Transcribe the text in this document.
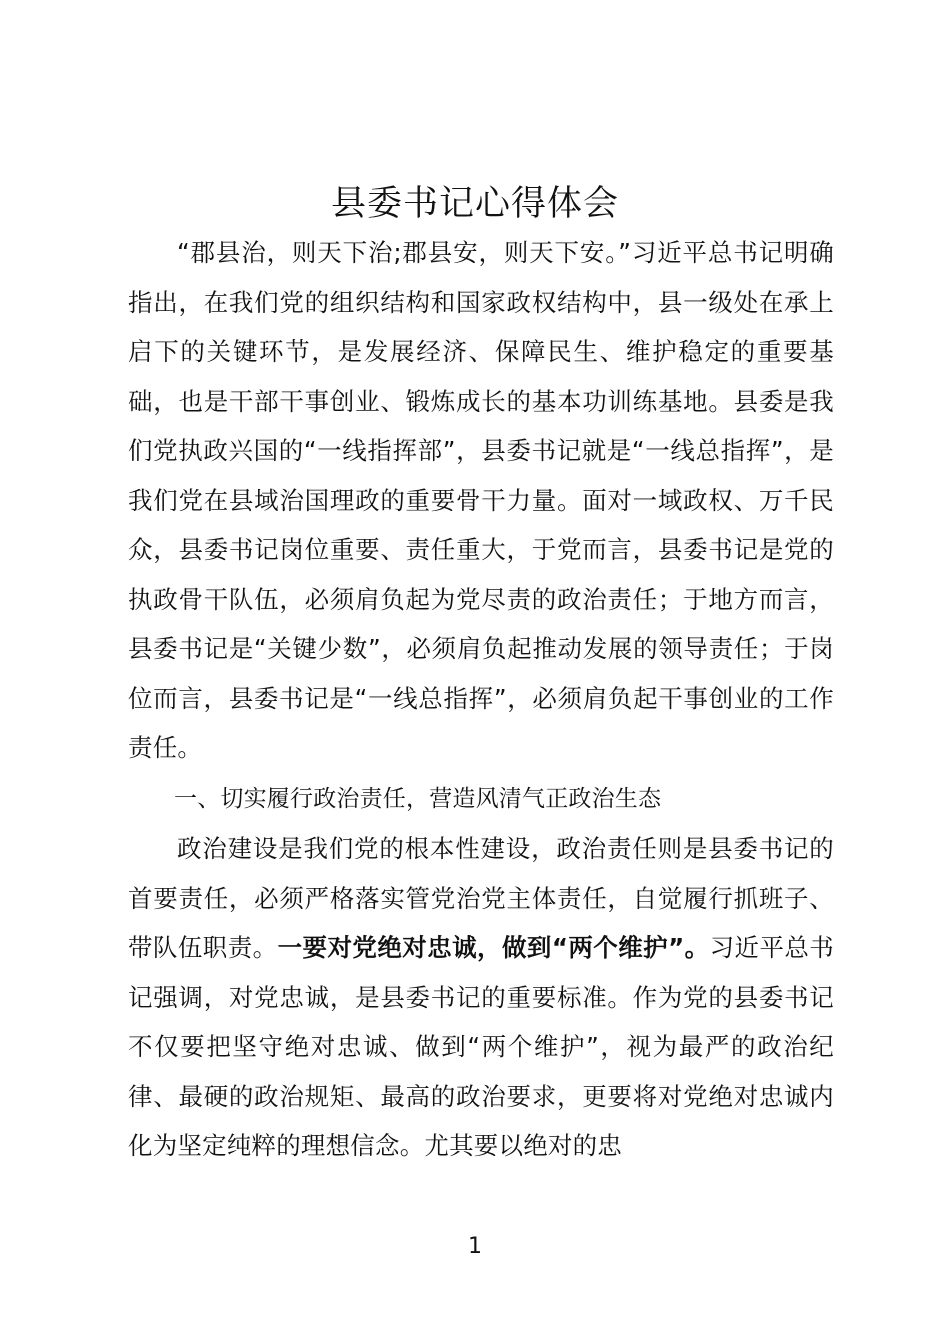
县委书记心得体会

“郡县治，则天下治;郡县安，则天下安。”习近平总书记明确指出，在我们党的组织结构和国家政权结构中，县一级处在承上启下的关键环节，是发展经济、保障民生、维护稳定的重要基础，也是干部干事创业、锻炼成长的基本功训练基地。县委是我们党执政兴国的“一线指挥部”，县委书记就是“一线总指挥”，是我们党在县域治国理政的重要骨干力量。面对一域政权、万千民众，县委书记岗位重要、责任重大，于党而言，县委书记是党的执政骨干队伍，必须肩负起为党尽责的政治责任；于地方而言，县委书记是“关键少数”，必须肩负起推动发展的领导责任；于岗位而言，县委书记是“一线总指挥”，必须肩负起干事创业的工作责任。

一、切实履行政治责任，营造风清气正政治生态

政治建设是我们党的根本性建设，政治责任则是县委书记的首要责任，必须严格落实管党治党主体责任，自觉履行抓班子、带队伍职责。一要对党绝对忠诚，做到“两个维护”。习近平总书记强调，对党忠诚，是县委书记的重要标准。作为党的县委书记不仅要把坚守绝对忠诚、做到“两个维护”，视为最严的政治纪律、最硬的政治规矩、最高的政治要求，更要将对党绝对忠诚内化为坚定纯粹的理想信念。尤其要以绝对的忠

1
